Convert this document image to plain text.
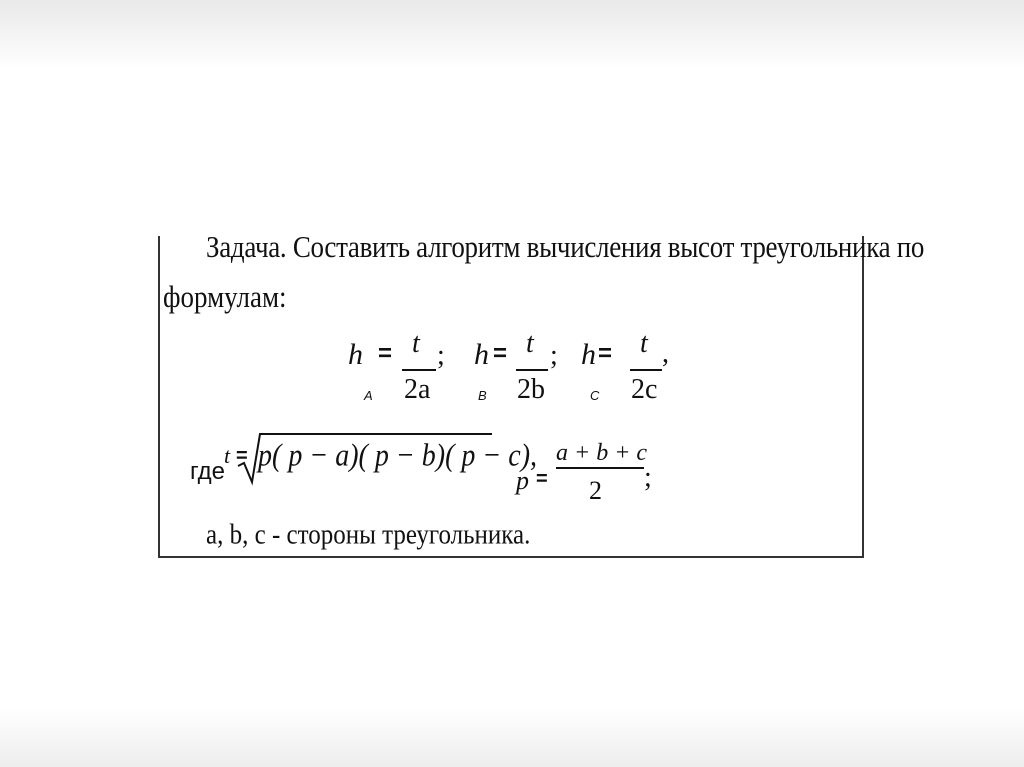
Задача. Составить алгоритм вычисления высот треугольника по
формулам:
h
A
= t
2a
; h
B
= t
2b
; h
C
= t
2c
,
где
t = p( p − a)( p − b)( p − c),
p =
a + b + c
2 ;
a, b, c - стороны треугольника.
